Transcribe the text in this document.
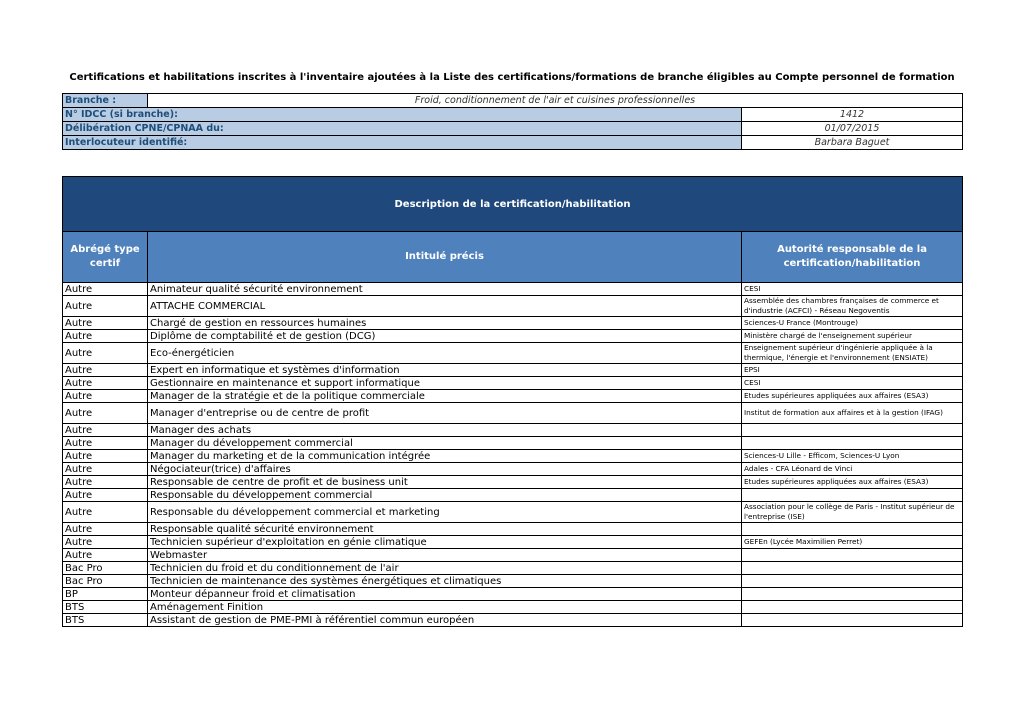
Certifications et habilitations inscrites à l'inventaire ajoutées à la Liste des certifications/formations de branche éligibles au Compte personnel de formation
Branche :	Froid, conditionnement de l'air et cuisines professionnelles	
N° IDCC (si branche):		1412
Délibération CPNE/CPNAA du:		01/07/2015
Interlocuteur identifié:		Barbara Baguet
Description de la certification/habilitation		
Abrégé type certif	Intitulé précis	Autorité responsable de la certification/habilitation
Autre	Animateur qualité sécurité environnement	CESI
Autre	ATTACHE COMMERCIAL	Assemblée des chambres françaises de commerce et d'industrie (ACFCI) - Réseau Negoventis
Autre	Chargé de gestion en ressources humaines	Sciences-U France (Montrouge)
Autre	Diplôme de comptabilité et de gestion (DCG)	Ministère chargé de l'enseignement supérieur
Autre	Eco-énergéticien	Enseignement supérieur d'ingénierie appliquée à la thermique, l'énergie et l'environnement (ENSIATE)
Autre	Expert en informatique et systèmes d'information	EPSI
Autre	Gestionnaire en maintenance et support informatique	CESI
Autre	Manager de la stratégie et de la politique commerciale	Etudes supérieures appliquées aux affaires (ESA3)
Autre	Manager d'entreprise ou de centre de profit	Institut de formation aux affaires et à la gestion (IFAG)
Autre	Manager des achats	
Autre	Manager du développement commercial	
Autre	Manager du marketing et de la communication intégrée	Sciences-U Lille - Efficom, Sciences-U Lyon
Autre	Négociateur(trice) d'affaires	Adales - CFA Léonard de Vinci
Autre	Responsable de centre de profit et de business unit	Etudes supérieures appliquées aux affaires (ESA3)
Autre	Responsable du développement commercial	
Autre	Responsable du développement commercial et marketing	Association pour le collège de Paris - Institut supérieur de l'entreprise (ISE)
Autre	Responsable qualité sécurité environnement	
Autre	Technicien supérieur d'exploitation en génie climatique	GEFEn (Lycée Maximilien Perret)
Autre	Webmaster	
Bac Pro	Technicien du froid et du conditionnement de l'air	
Bac Pro	Technicien de maintenance des systèmes énergétiques et climatiques	
BP	Monteur dépanneur froid et climatisation	
BTS	Aménagement Finition	
BTS	Assistant de gestion de PME-PMI à référentiel commun européen	
